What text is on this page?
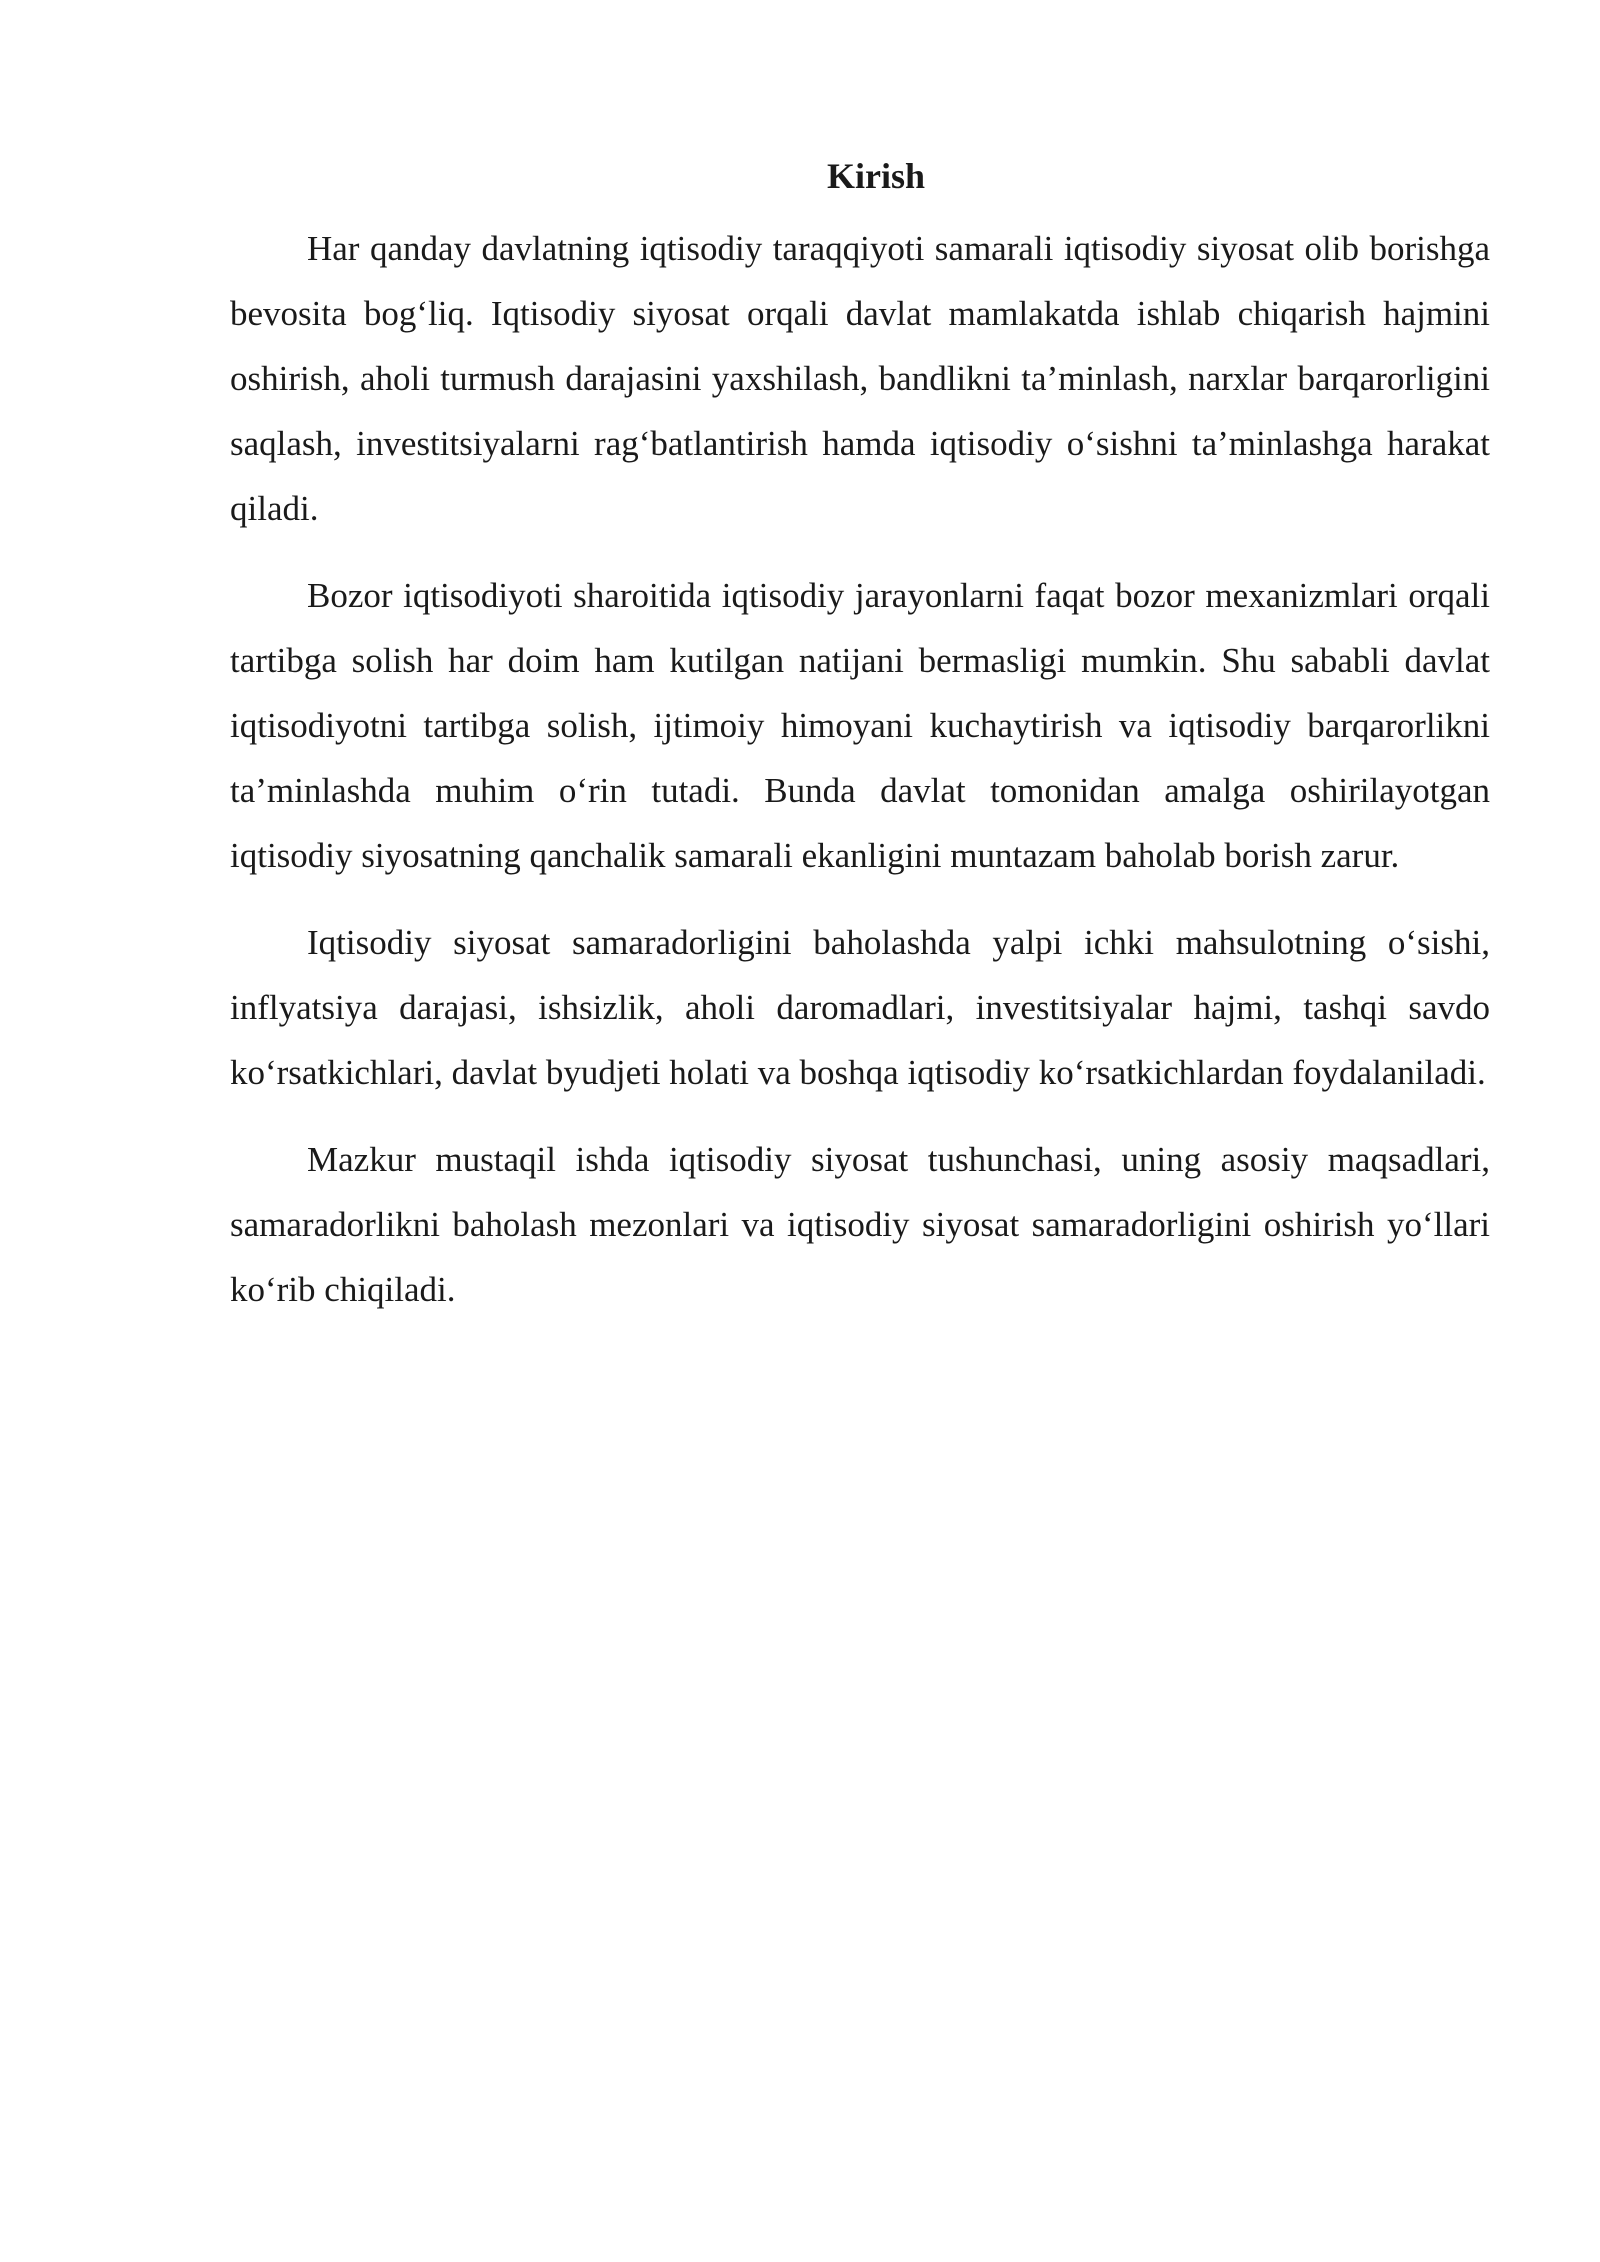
Kirish

Har qanday davlatning iqtisodiy taraqqiyoti samarali iqtisodiy siyosat olib borishga bevosita bog‘liq. Iqtisodiy siyosat orqali davlat mamlakatda ishlab chiqarish hajmini oshirish, aholi turmush darajasini yaxshilash, bandlikni ta’minlash, narxlar barqarorligini saqlash, investitsiyalarni rag‘batlantirish hamda iqtisodiy o‘sishni ta’minlashga harakat qiladi.

Bozor iqtisodiyoti sharoitida iqtisodiy jarayonlarni faqat bozor mexanizmlari orqali tartibga solish har doim ham kutilgan natijani bermasligi mumkin. Shu sababli davlat iqtisodiyotni tartibga solish, ijtimoiy himoyani kuchaytirish va iqtisodiy barqarorlikni ta’minlashda muhim o‘rin tutadi. Bunda davlat tomonidan amalga oshirilayotgan iqtisodiy siyosatning qanchalik samarali ekanligini muntazam baholab borish zarur.

Iqtisodiy siyosat samaradorligini baholashda yalpi ichki mahsulotning o‘sishi, inflyatsiya darajasi, ishsizlik, aholi daromadlari, investitsiyalar hajmi, tashqi savdo ko‘rsatkichlari, davlat byudjeti holati va boshqa iqtisodiy ko‘rsatkichlardan foydalaniladi.

Mazkur mustaqil ishda iqtisodiy siyosat tushunchasi, uning asosiy maqsadlari, samaradorlikni baholash mezonlari va iqtisodiy siyosat samaradorligini oshirish yo‘llari ko‘rib chiqiladi.
